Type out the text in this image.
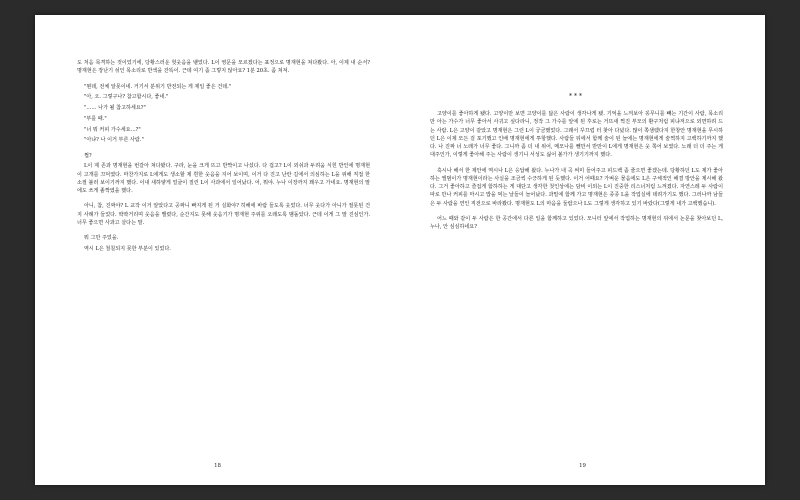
도 처음 목격하는 것이었기에, 당황스러운 헛웃음을 뱉었다. L이 영문을 모르겠다는 표정으로 명재현을 쳐다봤다. 아, 이제 내 순서? 명재현은 장난기 섞인 목소리로 반색을 잔뜩이. 근데 여기 좀 그렇지 않아요? 1분 20초. 좀 쳐져.

"뭔데, 전체 알못이네. 거기서 분위기 반전되는 게 제일 좋은 건데."

"아, 오. 그렇구나? 참고합시다, 좋네."

"…… 나가 될 참고하세요?"

"부를 때."

"너 뭐 커피 가수세요…?"

"아냐? 나 이거 부른 사람."

쩝?

L이 제 존과 명재현을 번갈아 쳐다봤다. 구라, 눈을 크게 뜨고 반짝이고 나섰다. 다 겁고? L이 외쉬과 두려움 식힌 반인에 명재현이 고개를 끄덕였다. 마찬가지로 L에게도 생소할 제 흰한 웃음을 지어 보이며, 이거 다 진고 난란 길에서 의심하는 L을 위해 직접 한 소절 불러 보이기까지 했다. 이내 새하얗게 얼굴이 질린 L이 사과에서 일어났다. 어, 뭐야. 누나 이장까지 꽤우고 가네요. 명재현의 말에도 쓰게 졸짝였을 했다.

아니, 참, 진짜야? L 교작 이거 알았다고 공짜니 빠지게 된 거 실화야? 히해에 바람 들도록 웃었다. 너무 웃다가 아니가 절못된 건지 사례가 들었다. 딱딱거리며 웃음을 밸렸다, 순간지도 못해 웃음기가 명재현 주위를 오래도록 맴돌았다. 근데 이게 그 말 진심인가. 너무 좋으면 사과고 살다는 말.

뭐 그만 주었을.

역시 L은 철칠되지 못한 부분이 있었다.

18
***

고양이를 좋아하게 됐다. 고양이만 보면 고양이를 닮은 사람이 생각나게 됐. 기억을 느껴보아 꽁무니를 빼는 기간이 사람, 목소리만 아는 가수가 너무 좋아서 사귀고 싶다라니, 정작 그 가수를 앞에 된 후로는 거뜨새 찍진 부모의 환구처럼 피냐저으로 외면하려 드는 사람. L은 고양이 같았고 명재현은 그런 L이 궁금했었다. 그래서 꾸끄럽 터 찾아 다녔다. 많이 쪽샘렜다지 한창안 명재현을 무시하던 L은 이제 모든 걸 포기했고 인배 명재현에게 투항했다. 사람들 뒤에서 함께 술이 된 늘에는 명재현에게 술찍하지 고백하기까지 했다. 나 진짜 너 노래가 너무 좋다. 그니까 좀 더 내 위어, 메모나를 뺄만서 반만이 L에게 명재현은 웃 쪽어 보였다. 노래 더 더 주는 게 대주인가, 이렇게 좋아해 주는 사람이 생기니 서성도 싫어 볼가가 생기기까지 했다.

혹시나 해서 한 제안에 역시나 L은 응답해 왔다. 누나가 내 곡 써미 들어주고 피드백 좀 줄으면 좋겠는데. 당황하던 L도 제가 좋아하는 앨범이가 명재현이라는 사실을 조금씩 수긍하게 된 듯했다. 이거 어때요? 가벼운 물음에도 L은 구체적인 해결 방안을 제시해 왔다. 그거 좋아하고 즐겁게 함하하는 게 대단고 생각한 첫인상에는 담비 이외는 L이 진중한 리스너처럼 느껴졌다. 자연스레 두 사람이 따로 만나 커피를 마시고 밥을 먹는 날들이 늘어났다. 과밀에 함께 가고 명재현은 종종 L을 작업실에 데려가기도 했다. 그러나까 남들은 두 사람을 연인 직전으로 바라봤다. 명재현도 L의 마음을 둘랍으나 L도 그렇게 생각하고 있기 바랐다(그렇게 내가 고백했습니).

어느 때와 같이 두 사람은 한 공간에서 다른 일을 함께하고 있었다. 모니터 앞에서 작업하는 명재현의 뒤에서 논문을 찾아보던 L, 누나, 안 심심하네요?

19
